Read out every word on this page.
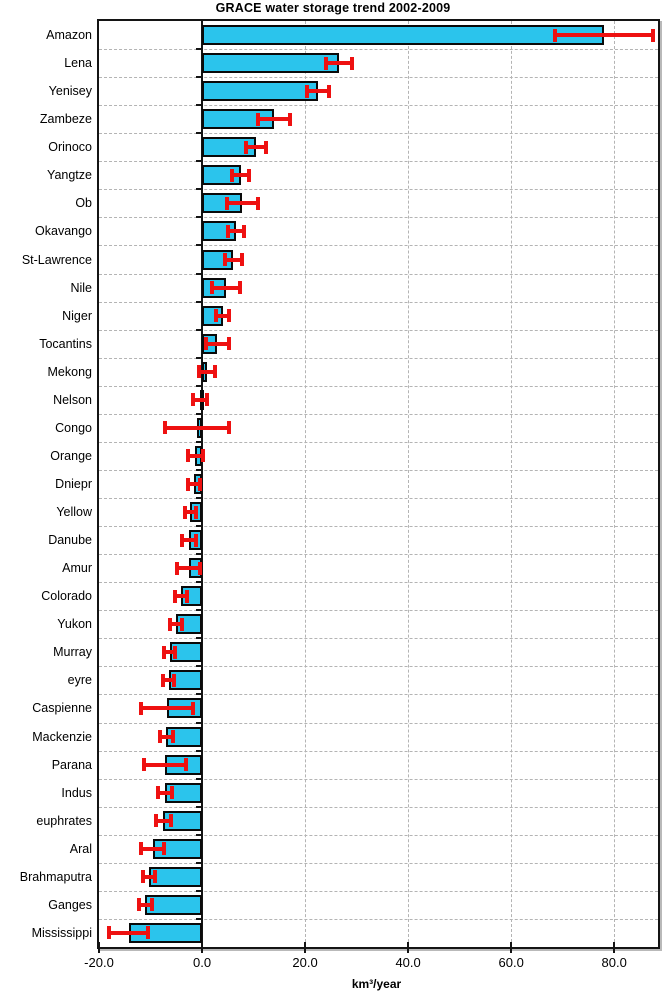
GRACE water storage trend 2002-2009
Amazon
Lena
Yenisey
Zambeze
Orinoco
Yangtze
Ob
Okavango
St-Lawrence
Nile
Niger
Tocantins
Mekong
Nelson
Congo
Orange
Dniepr
Yellow
Danube
Amur
Colorado
Yukon
Murray
eyre
Caspienne
Mackenzie
Parana
Indus
euphrates
Aral
Brahmaputra
Ganges
Mississippi
-20.0	0.0	20.0	40.0	60.0	80.0
km³/year
